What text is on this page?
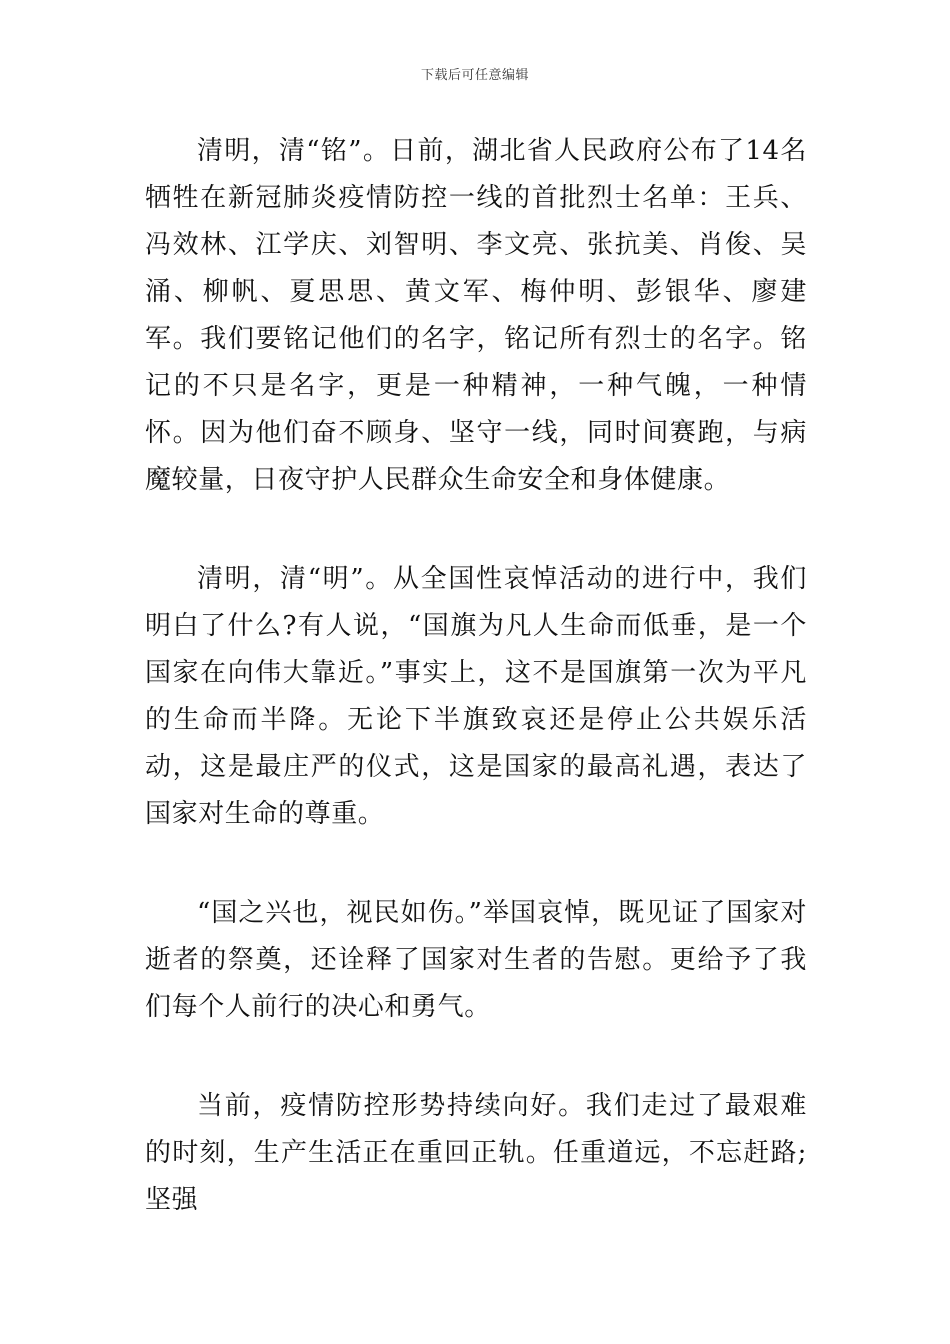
下载后可任意编辑

清明，清“铭”。日前，湖北省人民政府公布了14名牺牲在新冠肺炎疫情防控一线的首批烈士名单：王兵、冯效林、江学庆、刘智明、李文亮、张抗美、肖俊、吴涌、柳帆、夏思思、黄文军、梅仲明、彭银华、廖建军。我们要铭记他们的名字，铭记所有烈士的名字。铭记的不只是名字，更是一种精神，一种气魄，一种情怀。因为他们奋不顾身、坚守一线，同时间赛跑，与病魔较量，日夜守护人民群众生命安全和身体健康。

清明，清“明”。从全国性哀悼活动的进行中，我们明白了什么?有人说，“国旗为凡人生命而低垂，是一个国家在向伟大靠近。”事实上，这不是国旗第一次为平凡的生命而半降。无论下半旗致哀还是停止公共娱乐活动，这是最庄严的仪式，这是国家的最高礼遇，表达了国家对生命的尊重。

“国之兴也，视民如伤。”举国哀悼，既见证了国家对逝者的祭奠，还诠释了国家对生者的告慰。更给予了我们每个人前行的决心和勇气。

当前，疫情防控形势持续向好。我们走过了最艰难的时刻，生产生活正在重回正轨。任重道远，不忘赶路;坚强
